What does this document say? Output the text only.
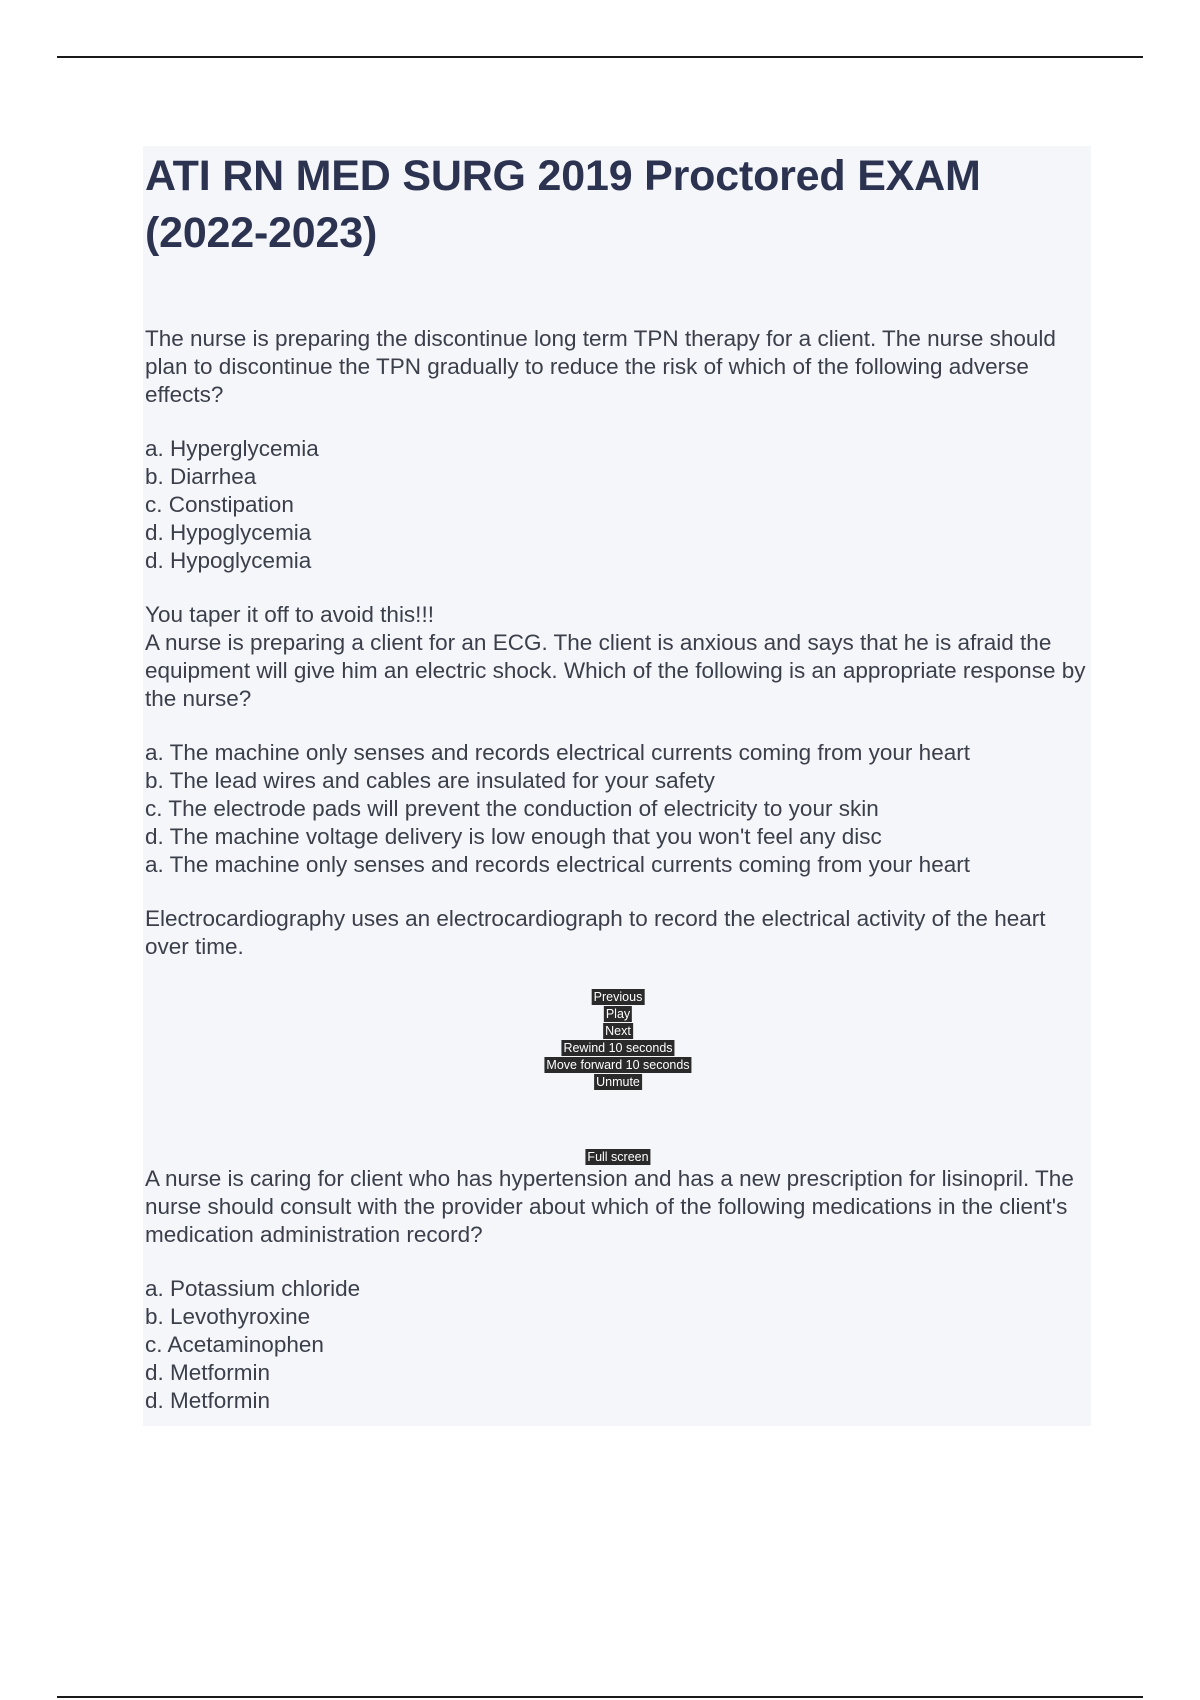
ATI RN MED SURG 2019 Proctored EXAM (2022-2023)

The nurse is preparing the discontinue long term TPN therapy for a client. The nurse should plan to discontinue the TPN gradually to reduce the risk of which of the following adverse effects?

a. Hyperglycemia
b. Diarrhea
c. Constipation
d. Hypoglycemia
d. Hypoglycemia
You taper it off to avoid this!!!

A nurse is preparing a client for an ECG. The client is anxious and says that he is afraid the equipment will give him an electric shock. Which of the following is an appropriate response by the nurse?

a. The machine only senses and records electrical currents coming from your heart
b. The lead wires and cables are insulated for your safety
c. The electrode pads will prevent the conduction of electricity to your skin
d. The machine voltage delivery is low enough that you won't feel any disc
a. The machine only senses and records electrical currents coming from your heart

Electrocardiography uses an electrocardiograph to record the electrical activity of the heart over time.

Previous
Play
Next
Rewind 10 seconds
Move forward 10 seconds
Unmute
Full screen

A nurse is caring for client who has hypertension and has a new prescription for lisinopril. The nurse should consult with the provider about which of the following medications in the client's medication administration record?

a. Potassium chloride
b. Levothyroxine
c. Acetaminophen
d. Metformin
d. Metformin
